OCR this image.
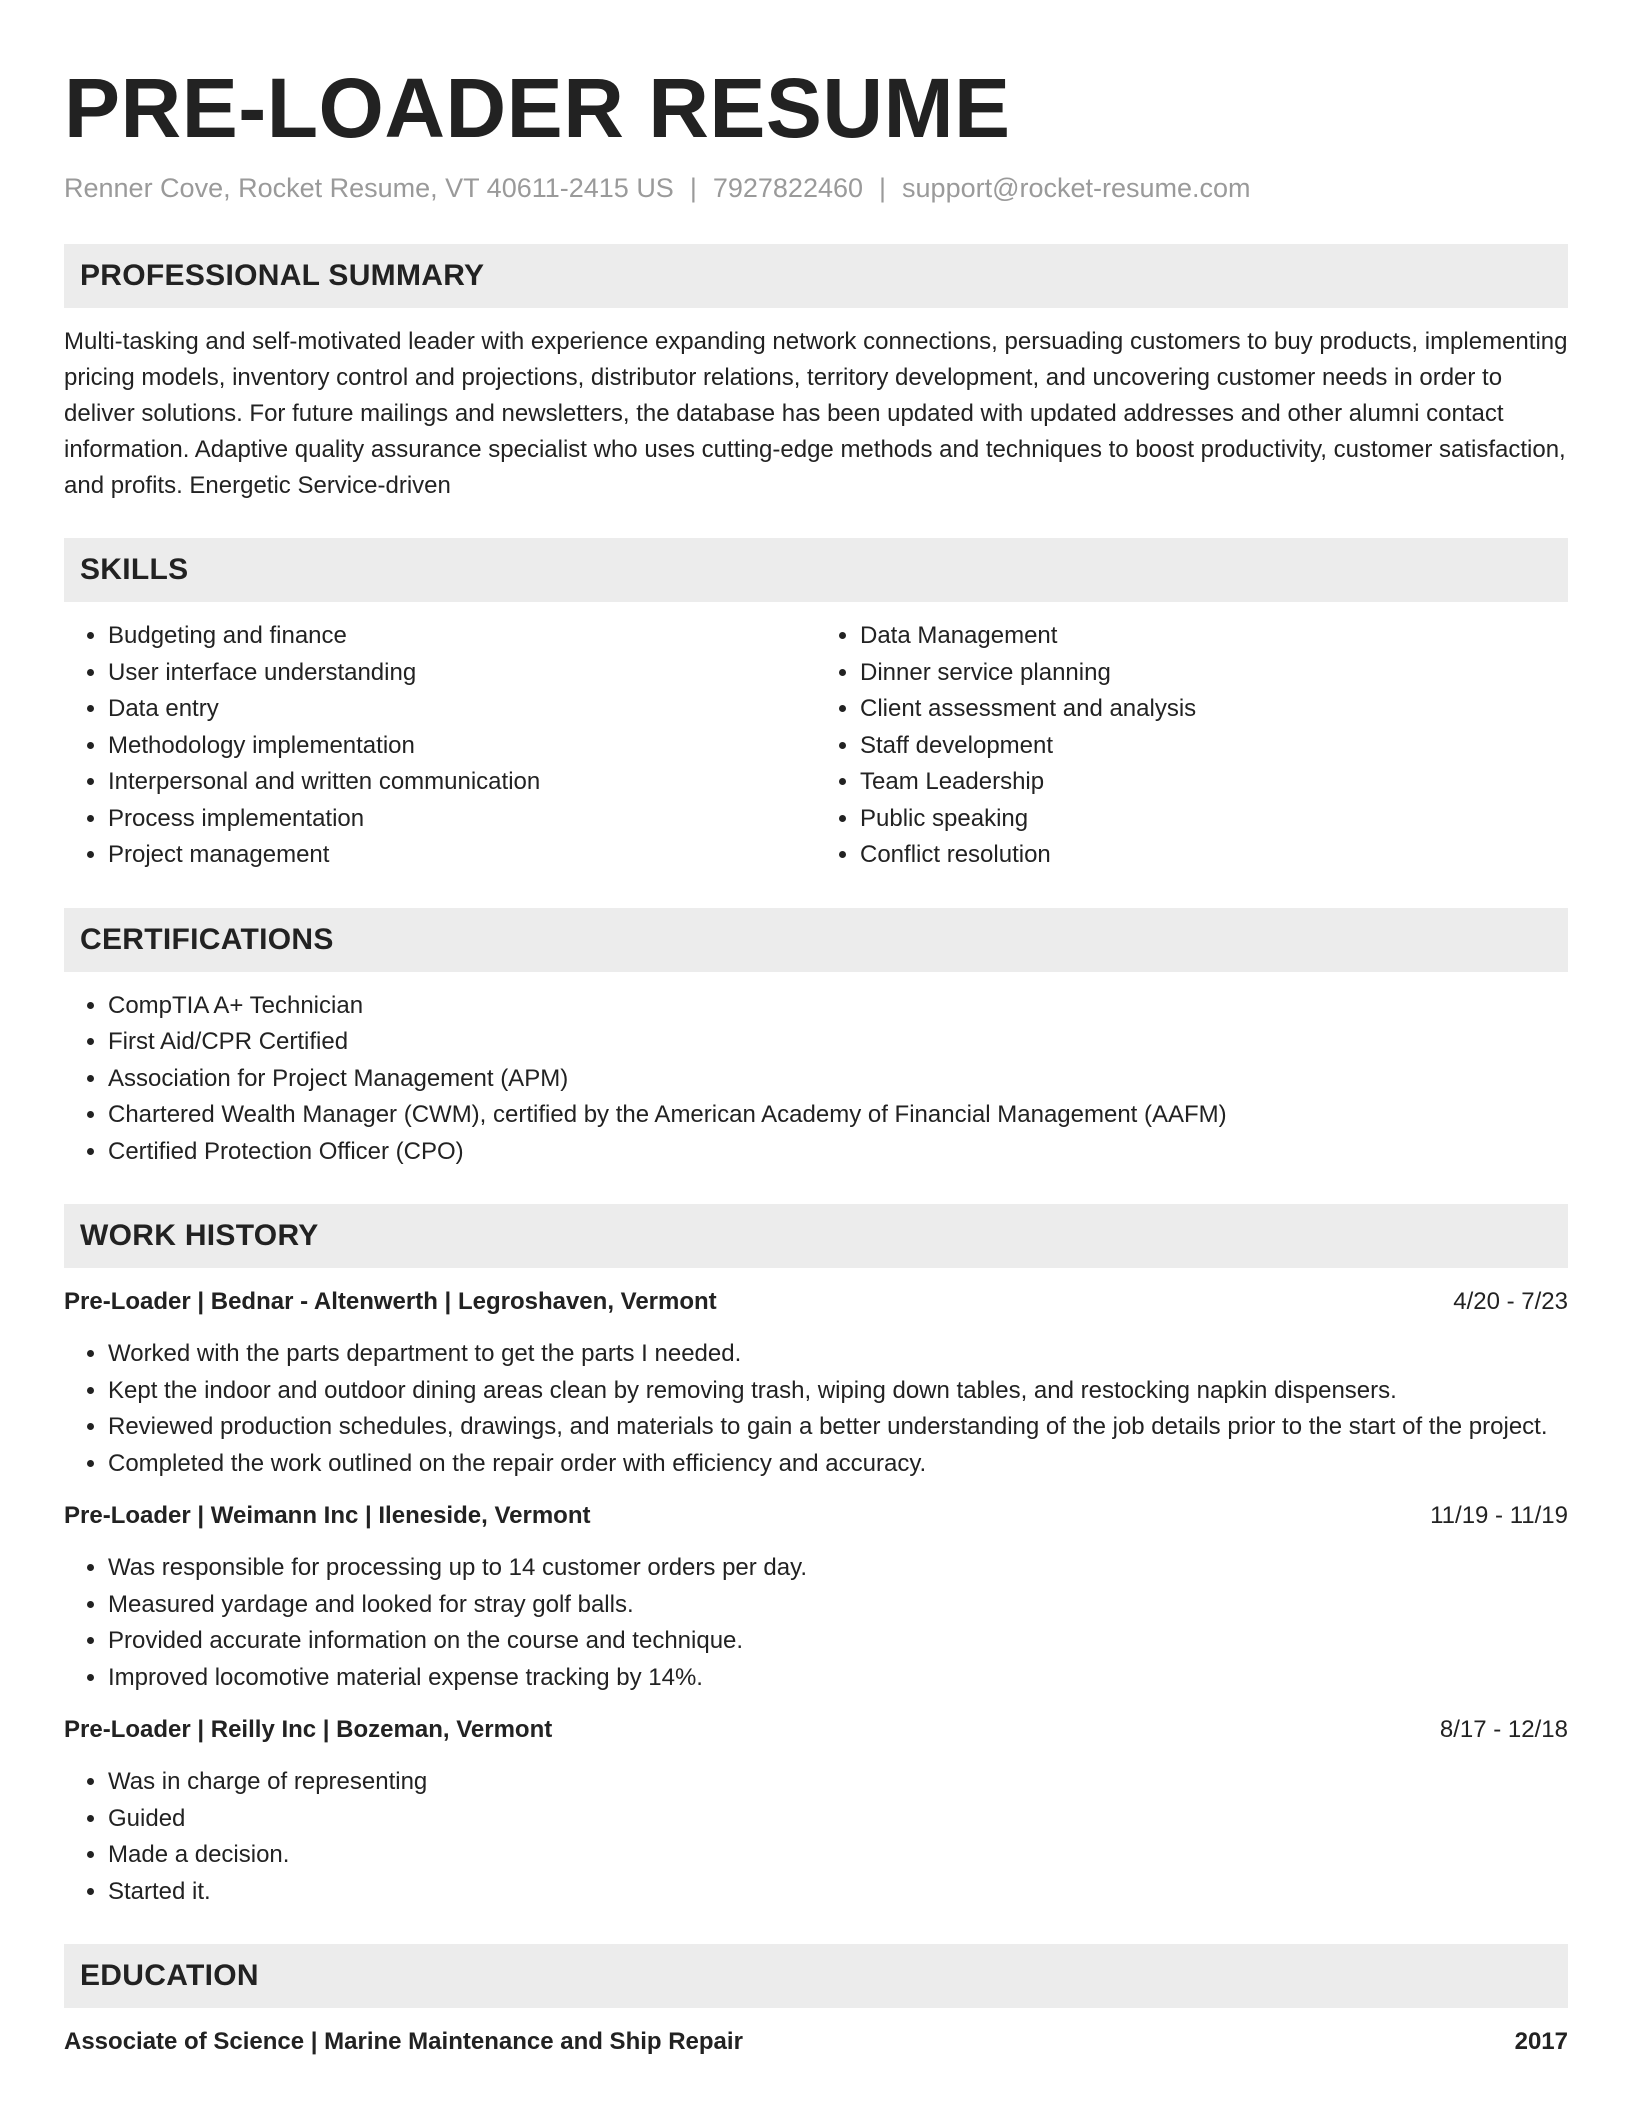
PRE-LOADER RESUME
Renner Cove, Rocket Resume, VT 40611-2415 US | 7927822460 | support@rocket-resume.com
PROFESSIONAL SUMMARY

Multi-tasking and self-motivated leader with experience expanding network connections, persuading customers to buy products, implementing pricing models, inventory control and projections, distributor relations, territory development, and uncovering customer needs in order to deliver solutions. For future mailings and newsletters, the database has been updated with updated addresses and other alumni contact information. Adaptive quality assurance specialist who uses cutting-edge methods and techniques to boost productivity, customer satisfaction, and profits. Energetic Service-driven

SKILLS
• Budgeting and finance
• User interface understanding
• Data entry
• Methodology implementation
• Interpersonal and written communication
• Process implementation
• Project management
• Data Management
• Dinner service planning
• Client assessment and analysis
• Staff development
• Team Leadership
• Public speaking
• Conflict resolution
CERTIFICATIONS
• CompTIA A+ Technician
• First Aid/CPR Certified
• Association for Project Management (APM)
• Chartered Wealth Manager (CWM), certified by the American Academy of Financial Management (AAFM)
• Certified Protection Officer (CPO)
WORK HISTORY
Pre-Loader | Bednar - Altenwerth | Legroshaven, Vermont	4/20 - 7/23
• Worked with the parts department to get the parts I needed.
• Kept the indoor and outdoor dining areas clean by removing trash, wiping down tables, and restocking napkin dispensers.
• Reviewed production schedules, drawings, and materials to gain a better understanding of the job details prior to the start of the project.
• Completed the work outlined on the repair order with efficiency and accuracy.
Pre-Loader | Weimann Inc | Ileneside, Vermont	11/19 - 11/19
• Was responsible for processing up to 14 customer orders per day.
• Measured yardage and looked for stray golf balls.
• Provided accurate information on the course and technique.
• Improved locomotive material expense tracking by 14%.
Pre-Loader | Reilly Inc | Bozeman, Vermont	8/17 - 12/18
• Was in charge of representing
• Guided
• Made a decision.
• Started it.
EDUCATION
Associate of Science | Marine Maintenance and Ship Repair	2017
